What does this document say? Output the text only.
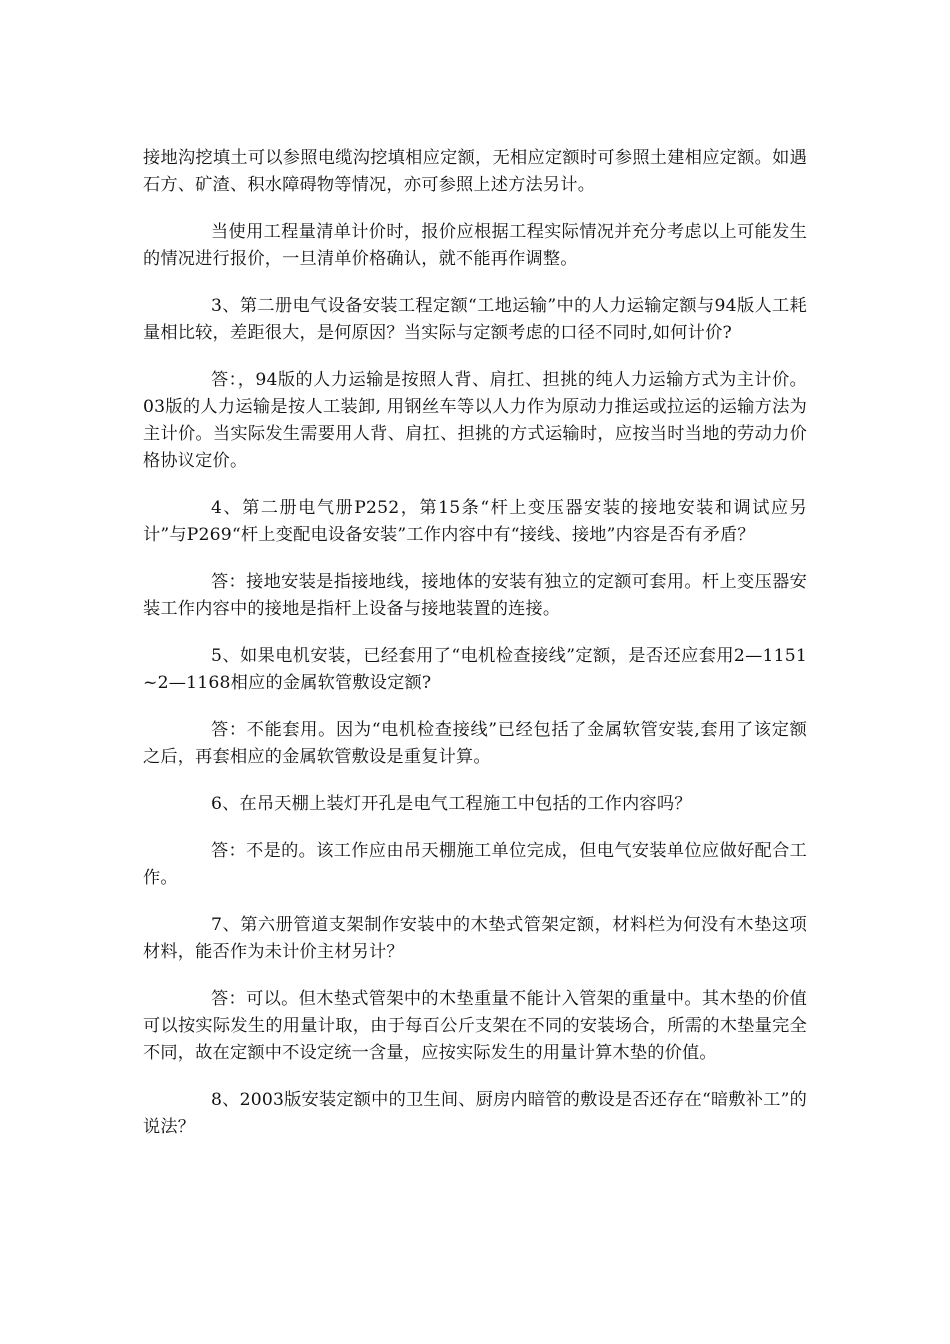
接地沟挖填土可以参照电缆沟挖填相应定额，无相应定额时可参照土建相应定额。如遇石方、矿渣、积水障碍物等情况，亦可参照上述方法另计。

当使用工程量清单计价时，报价应根据工程实际情况并充分考虑以上可能发生的情况进行报价，一旦清单价格确认，就不能再作调整。

3、第二册电气设备安装工程定额“工地运输”中的人力运输定额与94版人工耗量相比较，差距很大，是何原因？当实际与定额考虑的口径不同时,如何计价?

答：，94版的人力运输是按照人背、肩扛、担挑的纯人力运输方式为主计价。03版的人力运输是按人工装卸, 用钢丝车等以人力作为原动力推运或拉运的运输方法为主计价。当实际发生需要用人背、肩扛、担挑的方式运输时，应按当时当地的劳动力价格协议定价。

4、第二册电气册P252，第15条“杆上变压器安装的接地安装和调试应另计”与P269“杆上变配电设备安装”工作内容中有“接线、接地”内容是否有矛盾？

答：接地安装是指接地线，接地体的安装有独立的定额可套用。杆上变压器安装工作内容中的接地是指杆上设备与接地装置的连接。

5、如果电机安装，已经套用了“电机检查接线”定额，是否还应套用2—1151~2—1168相应的金属软管敷设定额?

答：不能套用。因为“电机检查接线”已经包括了金属软管安装,套用了该定额之后，再套相应的金属软管敷设是重复计算。

6、在吊天棚上装灯开孔是电气工程施工中包括的工作内容吗？

答：不是的。该工作应由吊天棚施工单位完成，但电气安装单位应做好配合工作。

7、第六册管道支架制作安装中的木垫式管架定额，材料栏为何没有木垫这项材料，能否作为未计价主材另计？

答：可以。但木垫式管架中的木垫重量不能计入管架的重量中。其木垫的价值可以按实际发生的用量计取，由于每百公斤支架在不同的安装场合，所需的木垫量完全不同，故在定额中不设定统一含量，应按实际发生的用量计算木垫的价值。

8、2003版安装定额中的卫生间、厨房内暗管的敷设是否还存在“暗敷补工”的说法？
